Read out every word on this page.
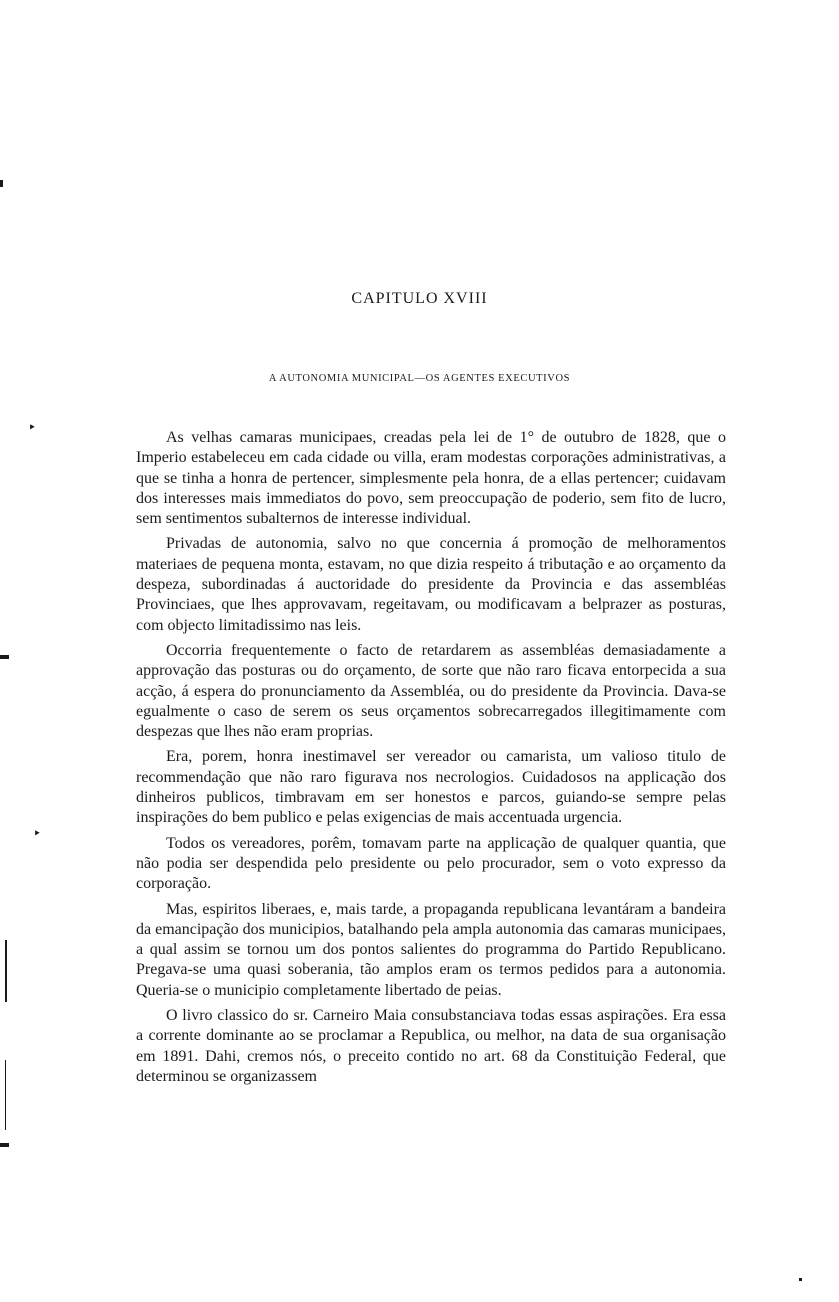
CAPITULO XVIII
A AUTONOMIA MUNICIPAL—OS AGENTES EXECUTIVOS

As velhas camaras municipaes, creadas pela lei de 1° de outubro de 1828, que o Imperio estabeleceu em cada cidade ou villa, eram modestas corporações administrativas, a que se tinha a honra de pertencer, simplesmente pela honra, de a ellas pertencer; cuidavam dos interesses mais immediatos do povo, sem preoccupação de poderio, sem fito de lucro, sem sentimentos subalternos de interesse individual.

Privadas de autonomia, salvo no que concernia á promoção de melhoramentos materiaes de pequena monta, estavam, no que dizia respeito á tributação e ao orçamento da despeza, subordinadas á auctoridade do presidente da Provincia e das assembléas Provinciaes, que lhes approvavam, regeitavam, ou modificavam a belprazer as posturas, com objecto limitadissimo nas leis.

Occorria frequentemente o facto de retardarem as assembléas demasiadamente a approvação das posturas ou do orçamento, de sorte que não raro ficava entorpecida a sua acção, á espera do pronunciamento da Assembléa, ou do presidente da Provincia. Dava-se egualmente o caso de serem os seus orçamentos sobrecarregados illegitimamente com despezas que lhes não eram proprias.

Era, porem, honra inestimavel ser vereador ou camarista, um valioso titulo de recommendação que não raro figurava nos necrologios. Cuidadosos na applicação dos dinheiros publicos, timbravam em ser honestos e parcos, guiando-se sempre pelas inspirações do bem publico e pelas exigencias de mais accentuada urgencia.

Todos os vereadores, porêm, tomavam parte na applicação de qualquer quantia, que não podia ser despendida pelo presidente ou pelo procurador, sem o voto expresso da corporação.

Mas, espiritos liberaes, e, mais tarde, a propaganda republicana levantáram a bandeira da emancipação dos municipios, batalhando pela ampla autonomia das camaras municipaes, a qual assim se tornou um dos pontos salientes do programma do Partido Republicano. Pregava-se uma quasi soberania, tão amplos eram os termos pedidos para a autonomia. Queria-se o municipio completamente libertado de peias.

O livro classico do sr. Carneiro Maia consubstanciava todas essas aspirações. Era essa a corrente dominante ao se proclamar a Republica, ou melhor, na data de sua organisação em 1891. Dahi, cremos nós, o preceito contido no art. 68 da Constituição Federal, que determinou se organizassem

‣
‣
